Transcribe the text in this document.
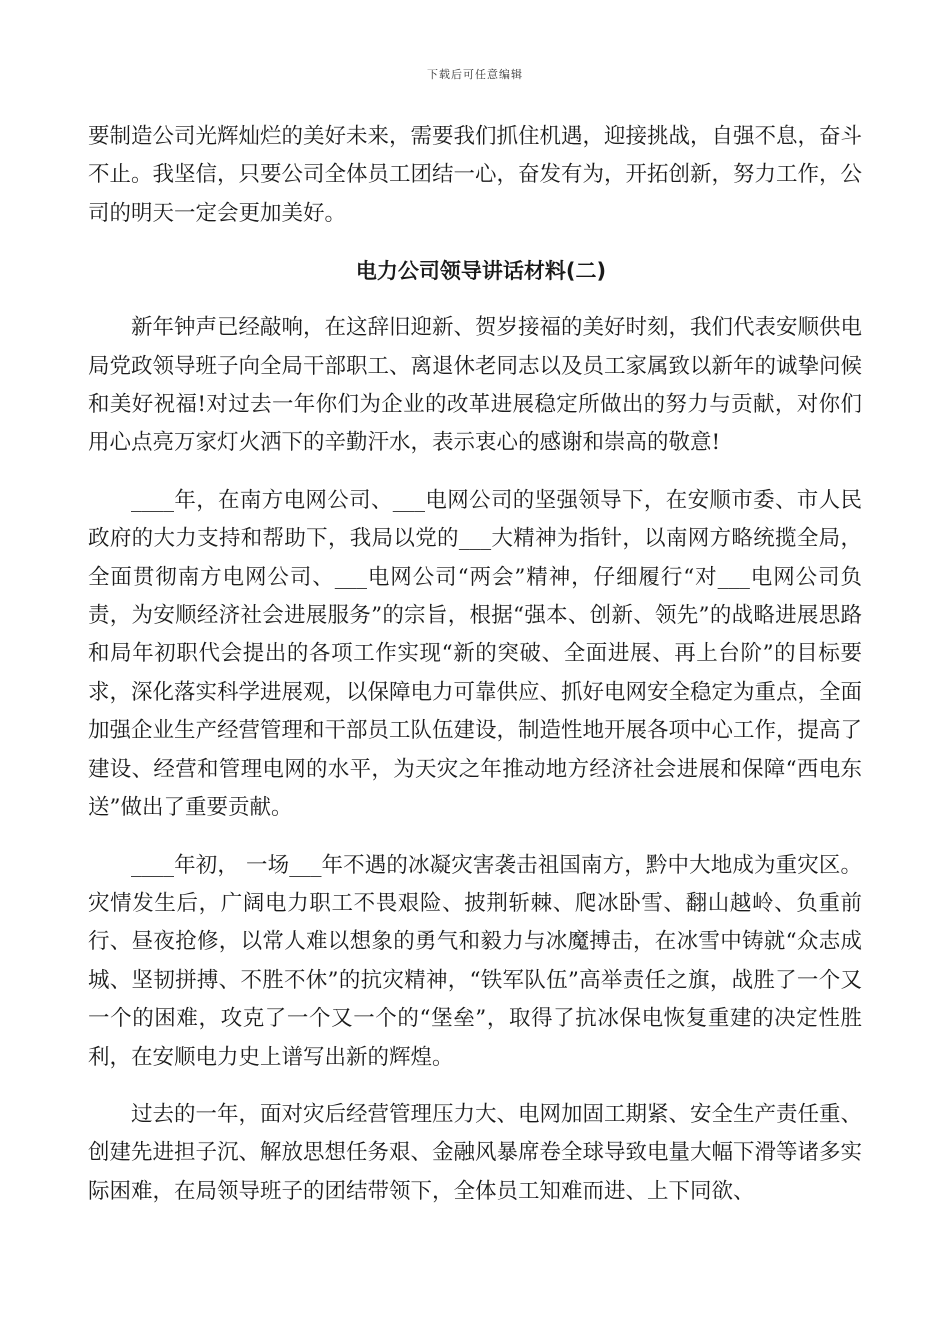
下载后可任意编辑

要制造公司光辉灿烂的美好未来，需要我们抓住机遇，迎接挑战，自强不息，奋斗不止。我坚信，只要公司全体员工团结一心，奋发有为，开拓创新，努力工作，公司的明天一定会更加美好。

电力公司领导讲话材料(二)

新年钟声已经敲响，在这辞旧迎新、贺岁接福的美好时刻，我们代表安顺供电局党政领导班子向全局干部职工、离退休老同志以及员工家属致以新年的诚挚问候和美好祝福!对过去一年你们为企业的改革进展稳定所做出的努力与贡献，对你们用心点亮万家灯火洒下的辛勤汗水，表示衷心的感谢和崇高的敬意!

____年，在南方电网公司、___电网公司的坚强领导下，在安顺市委、市人民政府的大力支持和帮助下，我局以党的___大精神为指针，以南网方略统揽全局，全面贯彻南方电网公司、___电网公司“两会”精神，仔细履行“对___电网公司负责，为安顺经济社会进展服务”的宗旨，根据“强本、创新、领先”的战略进展思路和局年初职代会提出的各项工作实现“新的突破、全面进展、再上台阶”的目标要求，深化落实科学进展观，以保障电力可靠供应、抓好电网安全稳定为重点，全面加强企业生产经营管理和干部员工队伍建设，制造性地开展各项中心工作，提高了建设、经营和管理电网的水平，为天灾之年推动地方经济社会进展和保障“西电东送”做出了重要贡献。

____年初， 一场___年不遇的冰凝灾害袭击祖国南方，黔中大地成为重灾区。灾情发生后，广阔电力职工不畏艰险、披荆斩棘、爬冰卧雪、翻山越岭、负重前行、昼夜抢修，以常人难以想象的勇气和毅力与冰魔搏击，在冰雪中铸就“众志成城、坚韧拼搏、不胜不休”的抗灾精神，“铁军队伍”高举责任之旗，战胜了一个又一个的困难，攻克了一个又一个的“堡垒”，取得了抗冰保电恢复重建的决定性胜利，在安顺电力史上谱写出新的辉煌。

过去的一年，面对灾后经营管理压力大、电网加固工期紧、安全生产责任重、创建先进担子沉、解放思想任务艰、金融风暴席卷全球导致电量大幅下滑等诸多实际困难，在局领导班子的团结带领下，全体员工知难而进、上下同欲、
